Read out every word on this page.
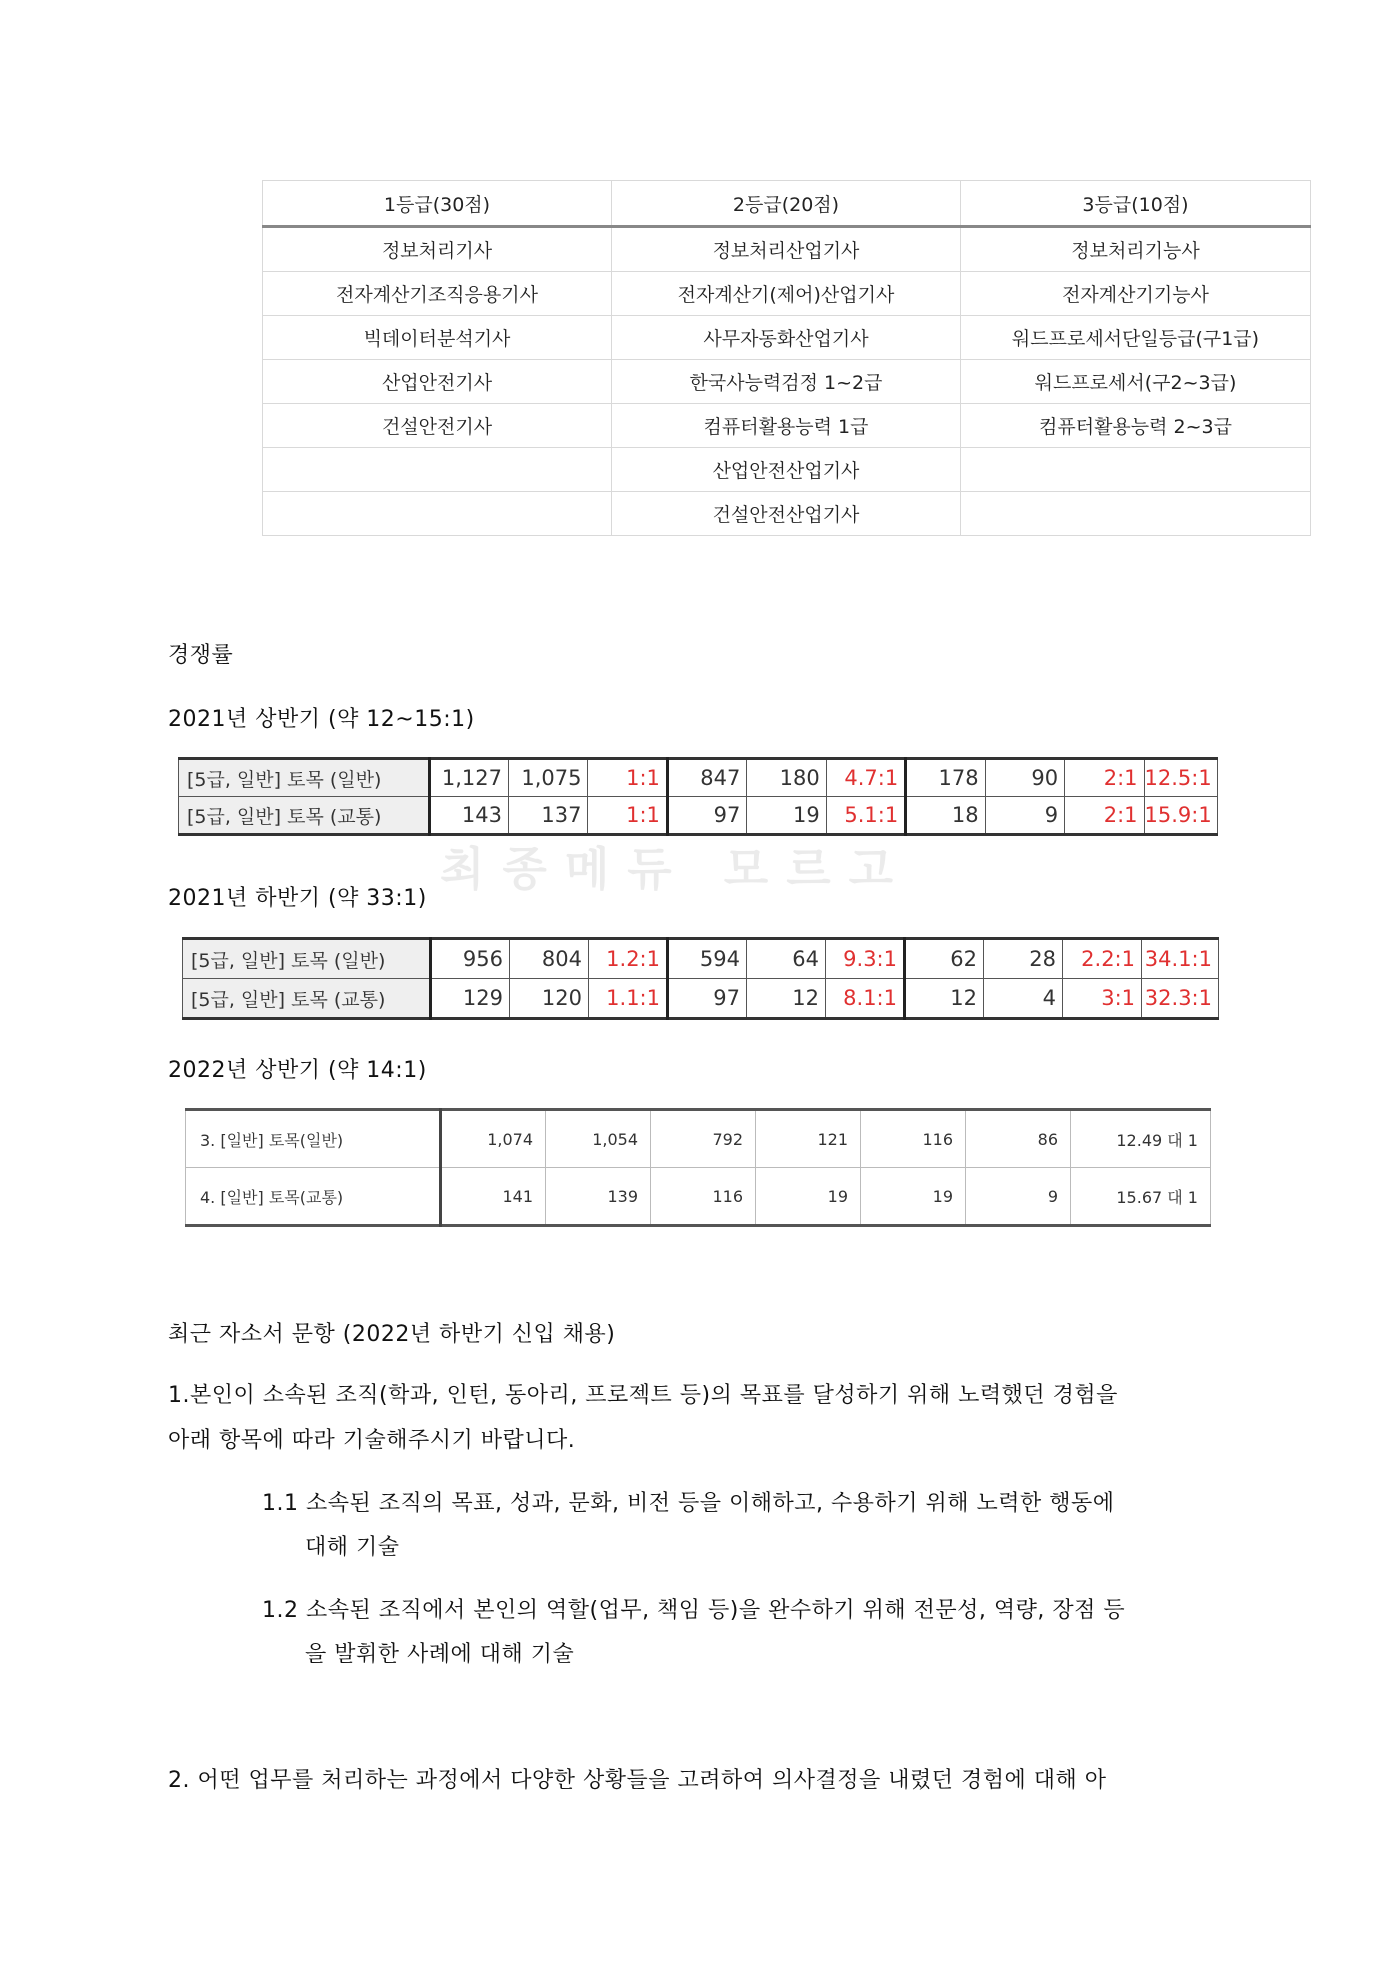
1등급(30점)	2등급(20점)	3등급(10점)
정보처리기사	정보처리산업기사	정보처리기능사
전자계산기조직응용기사	전자계산기(제어)산업기사	전자계산기기능사
빅데이터분석기사	사무자동화산업기사	워드프로세서단일등급(구1급)
산업안전기사	한국사능력검정 1~2급	워드프로세서(구2~3급)
건설안전기사	컴퓨터활용능력 1급	컴퓨터활용능력 2~3급
	산업안전산업기사	
	건설안전산업기사	
경쟁률
2021년 상반기 (약 12~15:1)
[5급, 일반] 토목 (일반)	1,127	1,075	1:1	847	180	4.7:1	178	90	2:1	12.5:1
[5급, 일반] 토목 (교통)	143	137	1:1	97	19	5.1:1	18	9	2:1	15.9:1
최종메듀 모르고
2021년 하반기 (약 33:1)
[5급, 일반] 토목 (일반)	956	804	1.2:1	594	64	9.3:1	62	28	2.2:1	34.1:1
[5급, 일반] 토목 (교통)	129	120	1.1:1	97	12	8.1:1	12	4	3:1	32.3:1
2022년 상반기 (약 14:1)
3. [일반] 토목(일반)	1,074	1,054	792	121	116	86	12.49 대 1
4. [일반] 토목(교통)	141	139	116	19	19	9	15.67 대 1
최근 자소서 문항 (2022년 하반기 신입 채용)
1.본인이 소속된 조직(학과, 인턴, 동아리, 프로젝트 등)의 목표를 달성하기 위해 노력했던 경험을
아래 항목에 따라 기술해주시기 바랍니다.
1.1 소속된 조직의 목표, 성과, 문화, 비전 등을 이해하고, 수용하기 위해 노력한 행동에
대해 기술
1.2 소속된 조직에서 본인의 역할(업무, 책임 등)을 완수하기 위해 전문성, 역량, 장점 등
을 발휘한 사례에 대해 기술
2. 어떤 업무를 처리하는 과정에서 다양한 상황들을 고려하여 의사결정을 내렸던 경험에 대해 아
